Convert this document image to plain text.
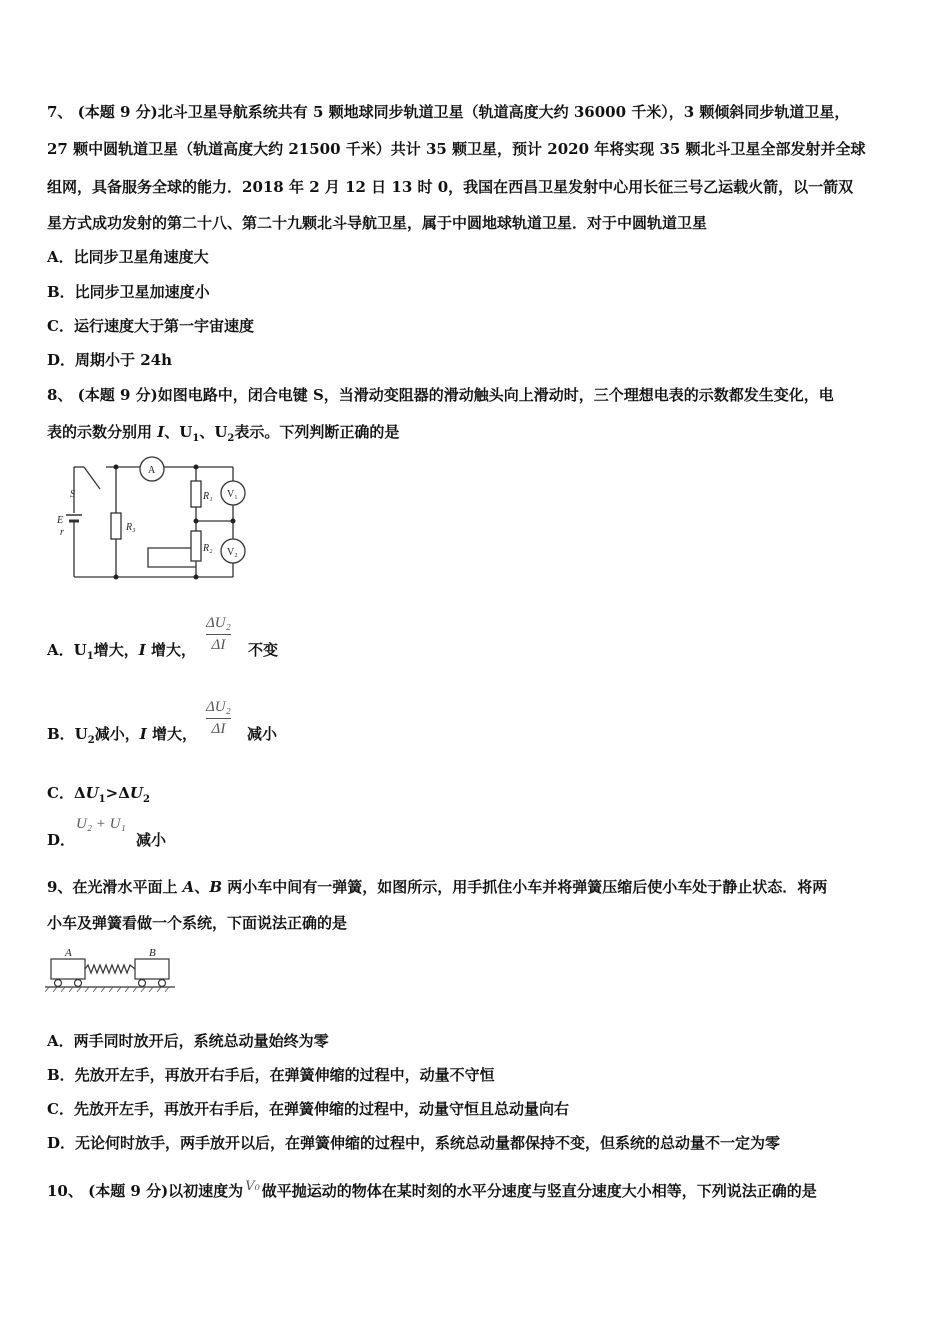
7、 (本题 9 分)北斗卫星导航系统共有 5 颗地球同步轨道卫星（轨道高度大约 36000 千米），3 颗倾斜同步轨道卫星，
27 颗中圆轨道卫星（轨道高度大约 21500 千米）共计 35 颗卫星，预计 2020 年将实现 35 颗北斗卫星全部发射并全球
组网，具备服务全球的能力．2018 年 2 月 12 日 13 时 0，我国在西昌卫星发射中心用长征三号乙运载火箭，以一箭双
星方式成功发射的第二十八、第二十九颗北斗导航卫星，属于中圆地球轨道卫星．对于中圆轨道卫星
A．比同步卫星角速度大
B．比同步卫星加速度小
C．运行速度大于第一宇宙速度
D．周期小于 24h
8、 (本题 9 分)如图电路中，闭合电键 S，当滑动变阻器的滑动触头向上滑动时，三个理想电表的示数都发生变化，电
表的示数分别用 I、$U_1$、$U_2$表示。下列判断正确的是
S
E
r	R₃
R₁
R₂
A
V₁
V₂
A．$U_1$增大，I 增大，
ΔU₂
ΔI	不变
B．$U_2$减小，I 增大，
ΔU₂
ΔI	减小
C．$\Delta U_1>\Delta U_2$
D．
U₂ + U₁
减小
9、在光滑水平面上 A、B 两小车中间有一弹簧，如图所示，用手抓住小车并将弹簧压缩后使小车处于静止状态．将两
小车及弹簧看做一个系统，下面说法正确的是
A	B
A．两手同时放开后，系统总动量始终为零
B．先放开左手，再放开右手后，在弹簧伸缩的过程中，动量不守恒
C．先放开左手，再放开右手后，在弹簧伸缩的过程中，动量守恒且总动量向右
D．无论何时放手，两手放开以后，在弹簧伸缩的过程中，系统总动量都保持不变，但系统的总动量不一定为零
10、 (本题 9 分)以初速度为 V₀ 做平抛运动的物体在某时刻的水平分速度与竖直分速度大小相等，下列说法正确的是
